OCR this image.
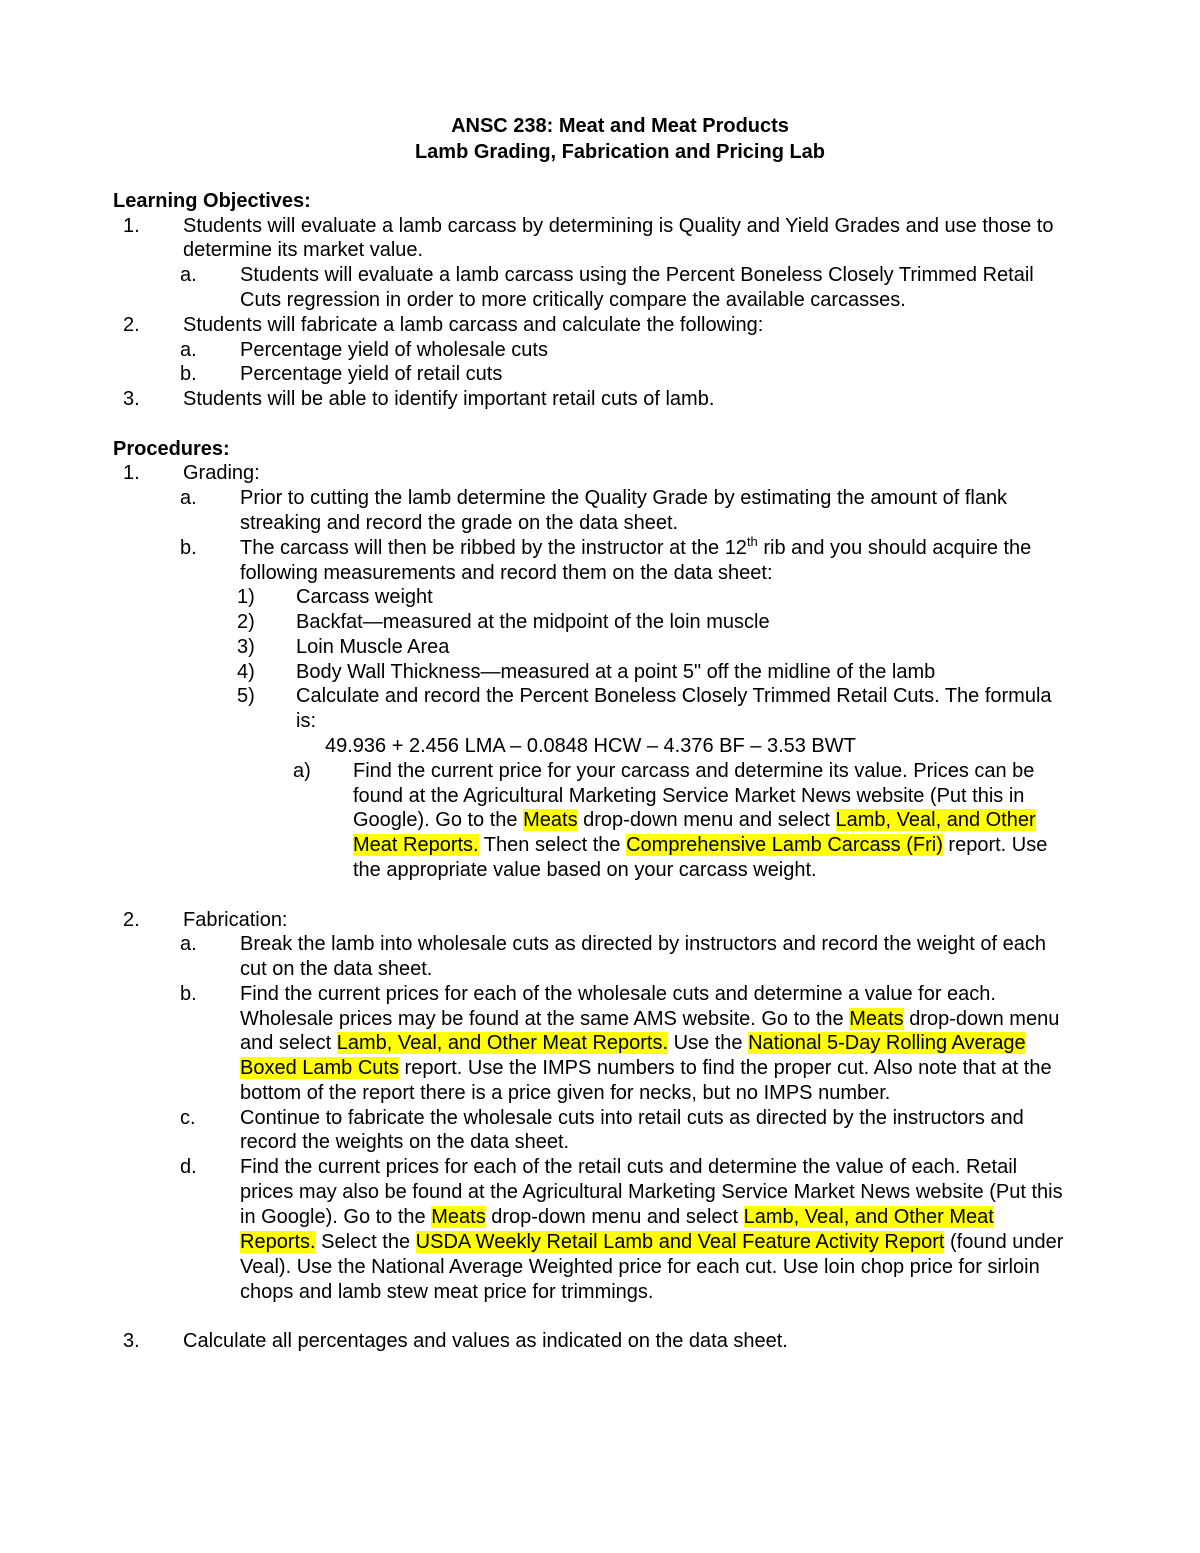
ANSC 238: Meat and Meat Products
Lamb Grading, Fabrication and Pricing Lab
Learning Objectives:
1. Students will evaluate a lamb carcass by determining is Quality and Yield Grades and use those to
determine its market value.
a. Students will evaluate a lamb carcass using the Percent Boneless Closely Trimmed Retail
Cuts regression in order to more critically compare the available carcasses.
2. Students will fabricate a lamb carcass and calculate the following:
a. Percentage yield of wholesale cuts
b. Percentage yield of retail cuts
3. Students will be able to identify important retail cuts of lamb.
Procedures:
1. Grading:
a. Prior to cutting the lamb determine the Quality Grade by estimating the amount of flank
streaking and record the grade on the data sheet.
b. The carcass will then be ribbed by the instructor at the 12th rib and you should acquire the
following measurements and record them on the data sheet:
1) Carcass weight
2) Backfat—measured at the midpoint of the loin muscle
3) Loin Muscle Area
4) Body Wall Thickness—measured at a point 5" off the midline of the lamb
5) Calculate and record the Percent Boneless Closely Trimmed Retail Cuts. The formula
is:
49.936 + 2.456 LMA – 0.0848 HCW – 4.376 BF – 3.53 BWT
a) Find the current price for your carcass and determine its value. Prices can be
found at the Agricultural Marketing Service Market News website (Put this in
Google). Go to the Meats drop-down menu and select Lamb, Veal, and Other
Meat Reports. Then select the Comprehensive Lamb Carcass (Fri) report. Use
the appropriate value based on your carcass weight.
2. Fabrication:
a. Break the lamb into wholesale cuts as directed by instructors and record the weight of each
cut on the data sheet.
b. Find the current prices for each of the wholesale cuts and determine a value for each.
Wholesale prices may be found at the same AMS website. Go to the Meats drop-down menu
and select Lamb, Veal, and Other Meat Reports. Use the National 5-Day Rolling Average
Boxed Lamb Cuts report. Use the IMPS numbers to find the proper cut. Also note that at the
bottom of the report there is a price given for necks, but no IMPS number.
c. Continue to fabricate the wholesale cuts into retail cuts as directed by the instructors and
record the weights on the data sheet.
d. Find the current prices for each of the retail cuts and determine the value of each. Retail
prices may also be found at the Agricultural Marketing Service Market News website (Put this
in Google). Go to the Meats drop-down menu and select Lamb, Veal, and Other Meat
Reports. Select the USDA Weekly Retail Lamb and Veal Feature Activity Report (found under
Veal). Use the National Average Weighted price for each cut. Use loin chop price for sirloin
chops and lamb stew meat price for trimmings.
3. Calculate all percentages and values as indicated on the data sheet.
